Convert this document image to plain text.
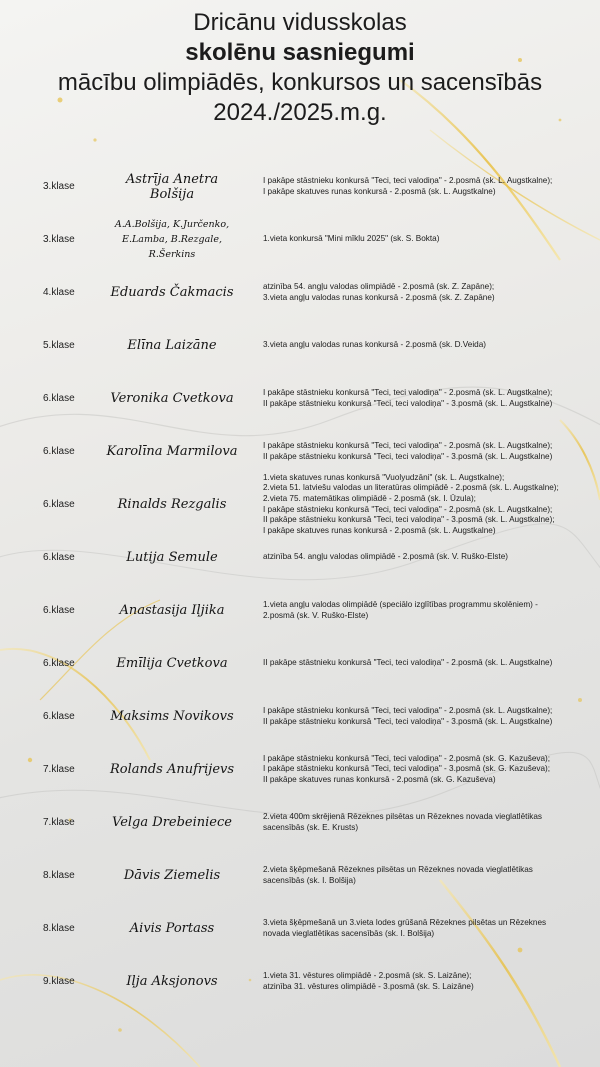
Dricānu vidusskolas
skolēnu sasniegumi
mācību olimpiādēs, konkursos un sacensībās
2024./2025.m.g.
3.klase	Astrīja Anetra Bolšija
I pakāpe stāstnieku konkursā "Teci, teci valodiņa" - 2.posmā (sk. L. Augstkalne);
I pakāpe skatuves runas konkursā - 2.posmā (sk. L. Augstkalne)
3.klase
A.A.Bolšija, K.Jurčenko, E.Lamba, B.Rezgale, R.Šerkins
1.vieta konkursā "Mini mīklu 2025" (sk. S. Bokta)
4.klase	Eduards Čakmacis	atzinība 54. angļu valodas olimpiādē - 2.posmā (sk. Z. Zapāne);
3.vieta angļu valodas runas konkursā - 2.posmā (sk. Z. Zapāne)
5.klase	Elīna Laizāne	3.vieta angļu valodas runas konkursā - 2.posmā (sk. D.Veida)
6.klase	Veronika Cvetkova	I pakāpe stāstnieku konkursā "Teci, teci valodiņa" - 2.posmā (sk. L. Augstkalne);
II pakāpe stāstnieku konkursā "Teci, teci valodiņa" - 3.posmā (sk. L. Augstkalne)
6.klase	Karolīna Marmilova	I pakāpe stāstnieku konkursā "Teci, teci valodiņa" - 2.posmā (sk. L. Augstkalne);
II pakāpe stāstnieku konkursā "Teci, teci valodiņa" - 3.posmā (sk. L. Augstkalne)
6.klase	Rinalds Rezgalis
1.vieta skatuves runas konkursā "Vuolyudzāni" (sk. L. Augstkalne);
2.vieta 51. latviešu valodas un literatūras olimpiādē - 2.posmā (sk. L. Augstkalne);
2.vieta 75. matemātikas olimpiādē - 2.posmā (sk. I. Ūzula);
I pakāpe stāstnieku konkursā "Teci, teci valodiņa" - 2.posmā (sk. L. Augstkalne);
II pakāpe stāstnieku konkursā "Teci, teci valodiņa" - 3.posmā (sk. L. Augstkalne);
I pakāpe skatuves runas konkursā - 2.posmā (sk. L. Augstkalne)
6.klase	Lutija Semule	atzinība 54. angļu valodas olimpiādē - 2.posmā (sk. V. Ruško-Elste)
6.klase	Anastasija Iļjika	1.vieta angļu valodas olimpiādē (speciālo izglītības programmu skolēniem) -
2.posmā (sk. V. Ruško-Elste)
6.klase	Emīlija Cvetkova	II pakāpe stāstnieku konkursā "Teci, teci valodiņa" - 2.posmā (sk. L. Augstkalne)
6.klase	Maksims Novikovs	I pakāpe stāstnieku konkursā "Teci, teci valodiņa" - 2.posmā (sk. L. Augstkalne);
II pakāpe stāstnieku konkursā "Teci, teci valodiņa" - 3.posmā (sk. L. Augstkalne)
7.klase	Rolands Anufrijevs
I pakāpe stāstnieku konkursā "Teci, teci valodiņa" - 2.posmā (sk. G. Kazuševa);
I pakāpe stāstnieku konkursā "Teci, teci valodiņa" - 3.posmā (sk. G. Kazuševa);
II pakāpe skatuves runas konkursā - 2.posmā (sk. G. Kazuševa)
7.klase	Velga Drebeiniece	2.vieta 400m skrējienā Rēzeknes pilsētas un Rēzeknes novada vieglatlētikas
sacensībās (sk. E. Krusts)
8.klase	Dāvis Ziemelis	2.vieta šķēpmešanā Rēzeknes pilsētas un Rēzeknes novada vieglatlētikas
sacensībās (sk. I. Bolšija)
8.klase	Aivis Portass	3.vieta šķēpmešanā un 3.vieta lodes grūšanā Rēzeknes pilsētas un Rēzeknes
novada vieglatlētikas sacensībās (sk. I. Bolšija)
9.klase	Iļja Aksjonovs	1.vieta 31. vēstures olimpiādē - 2.posmā (sk. S. Laizāne);
atzinība 31. vēstures olimpiādē - 3.posmā (sk. S. Laizāne)
